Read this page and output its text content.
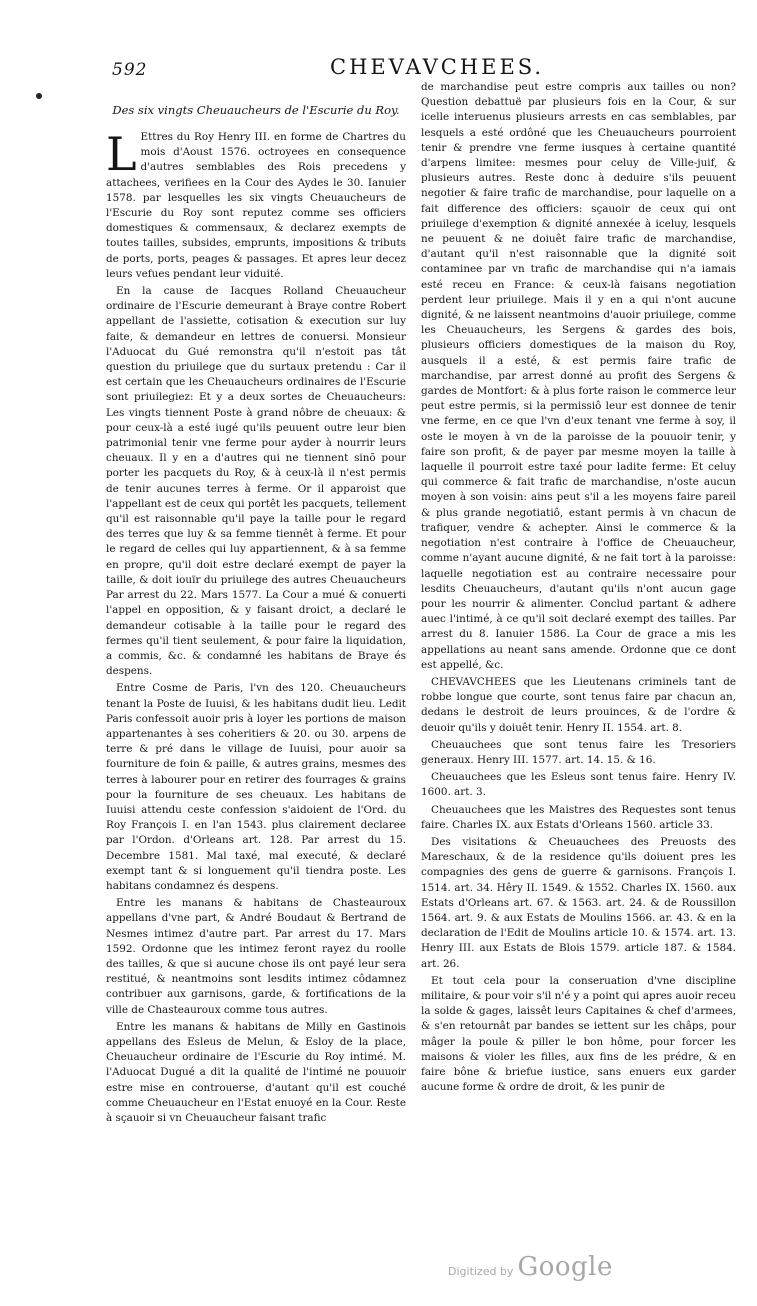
592	CHEVAVCHEES.
Des six vingts Cheuaucheurs de l'Escurie du Roy.

L Ettres du Roy Henry III. en forme de Chartres du mois d'Aoust 1576. octroyees en consequence d'autres semblables des Rois precedens y attachees, verifiees en la Cour des Aydes le 30. Ianuier 1578. par lesquelles les six vingts Cheuaucheurs de l'Escurie du Roy sont reputez comme ses officiers domestiques & commensaux, & declarez exempts de toutes tailles, subsides, emprunts, impositions & tributs de ports, ports, peages & passages. Et apres leur decez leurs vefues pendant leur viduité.

En la cause de Iacques Rolland Cheuaucheur ordinaire de l'Escurie demeurant à Braye contre Robert appellant de l'assiette, cotisation & execution sur luy faite, & demandeur en lettres de conuersi. Monsieur l'Aduocat du Gué remonstra qu'il n'estoit pas tât question du priuilege que du surtaux pretendu : Car il est certain que les Cheuaucheurs ordinaires de l'Escurie sont priuilegiez: Et y a deux sortes de Cheuaucheurs: Les vingts tiennent Poste à grand nôbre de cheuaux: & pour ceux-là a esté iugé qu'ils peuuent outre leur bien patrimonial tenir vne ferme pour ayder à nourrir leurs cheuaux. Il y en a d'autres qui ne tiennent sinõ pour porter les pacquets du Roy, & à ceux-là il n'est permis de tenir aucunes terres à ferme. Or il apparoist que l'appellant est de ceux qui portêt les pacquets, tellement qu'il est raisonnable qu'il paye la taille pour le regard des terres que luy & sa femme tiennêt à ferme. Et pour le regard de celles qui luy appartiennent, & à sa femme en propre, qu'il doit estre declaré exempt de payer la taille, & doit iouïr du priuilege des autres Cheuaucheurs Par arrest du 22. Mars 1577. La Cour a mué & conuerti l'appel en opposition, & y faisant droict, a declaré le demandeur cotisable à la taille pour le regard des fermes qu'il tient seulement, & pour faire la liquidation, a commis, &c. & condamné les habitans de Braye és despens.

Entre Cosme de Paris, l'vn des 120. Cheuaucheurs tenant la Poste de Iuuisi, & les habitans dudit lieu. Ledit Paris confessoit auoir pris à loyer les portions de maison appartenantes à ses coheritiers & 20. ou 30. arpens de terre & pré dans le village de Iuuisi, pour auoir sa fourniture de foin & paille, & autres grains, mesmes des terres à labourer pour en retirer des fourrages & grains pour la fourniture de ses cheuaux. Les habitans de Iuuisi attendu ceste confession s'aidoient de l'Ord. du Roy François I. en l'an 1543. plus clairement declaree par l'Ordon. d'Orleans art. 128. Par arrest du 15. Decembre 1581. Mal taxé, mal executé, & declaré exempt tant & si longuement qu'il tiendra poste. Les habitans condamnez és despens.

Entre les manans & habitans de Chasteauroux appellans d'vne part, & André Boudaut & Bertrand de Nesmes intimez d'autre part. Par arrest du 17. Mars 1592. Ordonne que les intimez feront rayez du roolle des tailles, & que si aucune chose ils ont payé leur sera restitué, & neantmoins sont lesdits intimez côdamnez contribuer aux garnisons, garde, & fortifications de la ville de Chasteauroux comme tous autres.

Entre les manans & habitans de Milly en Gastinois appellans des Esleus de Melun, & Esloy de la place, Cheuaucheur ordinaire de l'Escurie du Roy intimé. M. l'Aduocat Dugué a dit la qualité de l'intimé ne pouuoir estre mise en controuerse, d'autant qu'il est couché comme Cheuaucheur en l'Estat enuoyé en la Cour. Reste à sçauoir si vn Cheuaucheur faisant trafic

de marchandise peut estre compris aux tailles ou non? Question debattuë par plusieurs fois en la Cour, & sur icelle interuenus plusieurs arrests en cas semblables, par lesquels a esté ordôné que les Cheuaucheurs pourroient tenir & prendre vne ferme iusques à certaine quantité d'arpens limitee: mesmes pour celuy de Ville-juif, & plusieurs autres. Reste donc à deduire s'ils peuuent negotier & faire trafic de marchandise, pour laquelle on a fait difference des officiers: sçauoir de ceux qui ont priuilege d'exemption & dignité annexée à iceluy, lesquels ne peuuent & ne doiuêt faire trafic de marchandise, d'autant qu'il n'est raisonnable que la dignité soit contaminee par vn trafic de marchandise qui n'a iamais esté receu en France: & ceux-là faisans negotiation perdent leur priuilege. Mais il y en a qui n'ont aucune dignité, & ne laissent neantmoins d'auoir priuilege, comme les Cheuaucheurs, les Sergens & gardes des bois, plusieurs officiers domestiques de la maison du Roy, ausquels il a esté, & est permis faire trafic de marchandise, par arrest donné au profit des Sergens & gardes de Montfort: & à plus forte raison le commerce leur peut estre permis, si la permissiô leur est donnee de tenir vne ferme, en ce que l'vn d'eux tenant vne ferme à soy, il oste le moyen à vn de la paroisse de la pouuoir tenir, y faire son profit, & de payer par mesme moyen la taille à laquelle il pourroit estre taxé pour ladite ferme: Et celuy qui commerce & fait trafic de marchandise, n'oste aucun moyen à son voisin: ains peut s'il a les moyens faire pareil & plus grande negotiatiô, estant permis à vn chacun de trafiquer, vendre & achepter. Ainsi le commerce & la negotiation n'est contraire à l'office de Cheuaucheur, comme n'ayant aucune dignité, & ne fait tort à la paroisse: laquelle negotiation est au contraire necessaire pour lesdits Cheuaucheurs, d'autant qu'ils n'ont aucun gage pour les nourrir & alimenter. Conclud partant & adhere auec l'intimé, à ce qu'il soit declaré exempt des tailles. Par arrest du 8. Ianuier 1586. La Cour de grace a mis les appellations au neant sans amende. Ordonne que ce dont est appellé, &c.

CHEVAVCHEES que les Lieutenans criminels tant de robbe longue que courte, sont tenus faire par chacun an, dedans le destroit de leurs prouinces, & de l'ordre & deuoir qu'ils y doiuêt tenir. Henry II. 1554. art. 8.

Cheuauchees que sont tenus faire les Tresoriers generaux. Henry III. 1577. art. 14. 15. & 16.

Cheuauchees que les Esleus sont tenus faire. Henry IV. 1600. art. 3.

Cheuauchees que les Maistres des Requestes sont tenus faire. Charles IX. aux Estats d'Orleans 1560. article 33.

Des visitations & Cheuauchees des Preuosts des Mareschaux, & de la residence qu'ils doiuent pres les compagnies des gens de guerre & garnisons. François I. 1514. art. 34. Hêry II. 1549. & 1552. Charles IX. 1560. aux Estats d'Orleans art. 67. & 1563. art. 24. & de Roussillon 1564. art. 9. & aux Estats de Moulins 1566. ar. 43. & en la declaration de l'Edit de Moulins article 10. & 1574. art. 13. Henry III. aux Estats de Blois 1579. article 187. & 1584. art. 26.

Et tout cela pour la conseruation d'vne discipline militaire, & pour voir s'il n'é y a point qui apres auoir receu la solde & gages, laissêt leurs Capitaines & chef d'armees, & s'en retournât par bandes se iettent sur les châps, pour mâger la poule & piller le bon hôme, pour forcer les maisons & violer les filles, aux fins de les prédre, & en faire bône & briefue iustice, sans enuers eux garder aucune forme & ordre de droit, & les punir de

Digitized by Google
